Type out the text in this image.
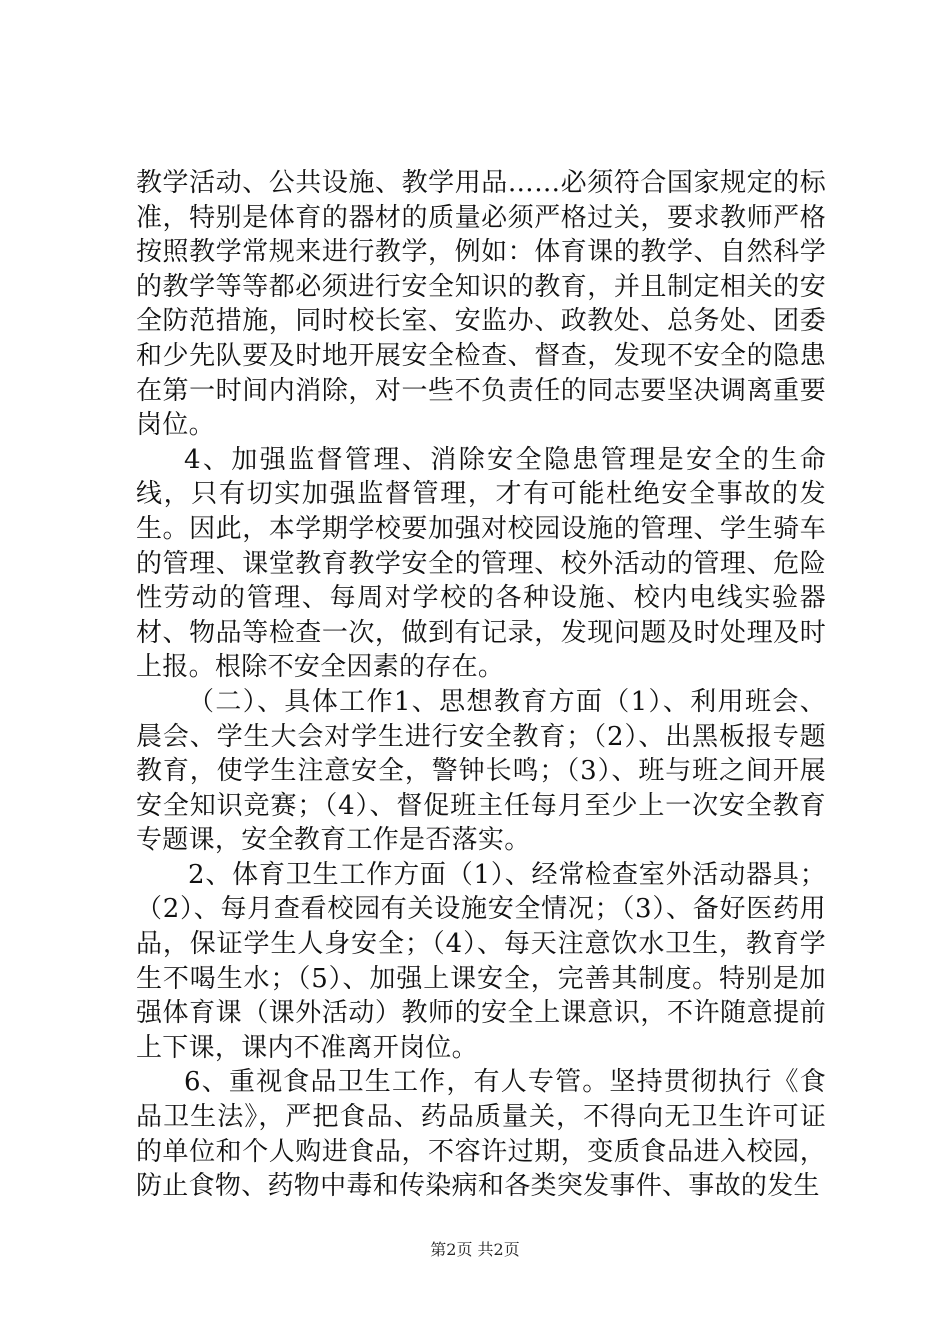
教学活动、公共设施、教学用品……必须符合国家规定的标准，特别是体育的器材的质量必须严格过关，要求教师严格按照教学常规来进行教学，例如：体育课的教学、自然科学的教学等等都必须进行安全知识的教育，并且制定相关的安全防范措施，同时校长室、安监办、政教处、总务处、团委和少先队要及时地开展安全检查、督查，发现不安全的隐患在第一时间内消除，对一些不负责任的同志要坚决调离重要岗位。

4、加强监督管理、消除安全隐患管理是安全的生命线，只有切实加强监督管理，才有可能杜绝安全事故的发生。因此，本学期学校要加强对校园设施的管理、学生骑车的管理、课堂教育教学安全的管理、校外活动的管理、危险性劳动的管理、每周对学校的各种设施、校内电线实验器材、物品等检查一次，做到有记录，发现问题及时处理及时上报。根除不安全因素的存在。

（二）、具体工作1、思想教育方面（1）、利用班会、晨会、学生大会对学生进行安全教育；（2）、出黑板报专题教育，使学生注意安全，警钟长鸣；（3）、班与班之间开展安全知识竞赛；（4）、督促班主任每月至少上一次安全教育专题课，安全教育工作是否落实。

2、体育卫生工作方面（1）、经常检查室外活动器具；（2）、每月查看校园有关设施安全情况；（3）、备好医药用品，保证学生人身安全；（4）、每天注意饮水卫生，教育学生不喝生水；（5）、加强上课安全，完善其制度。特别是加强体育课（课外活动）教师的安全上课意识，不许随意提前上下课，课内不准离开岗位。

6、重视食品卫生工作，有人专管。坚持贯彻执行《食品卫生法》，严把食品、药品质量关，不得向无卫生许可证的单位和个人购进食品，不容许过期，变质食品进入校园，防止食物、药物中毒和传染病和各类突发事件、事故的发生

第2页 共2页
